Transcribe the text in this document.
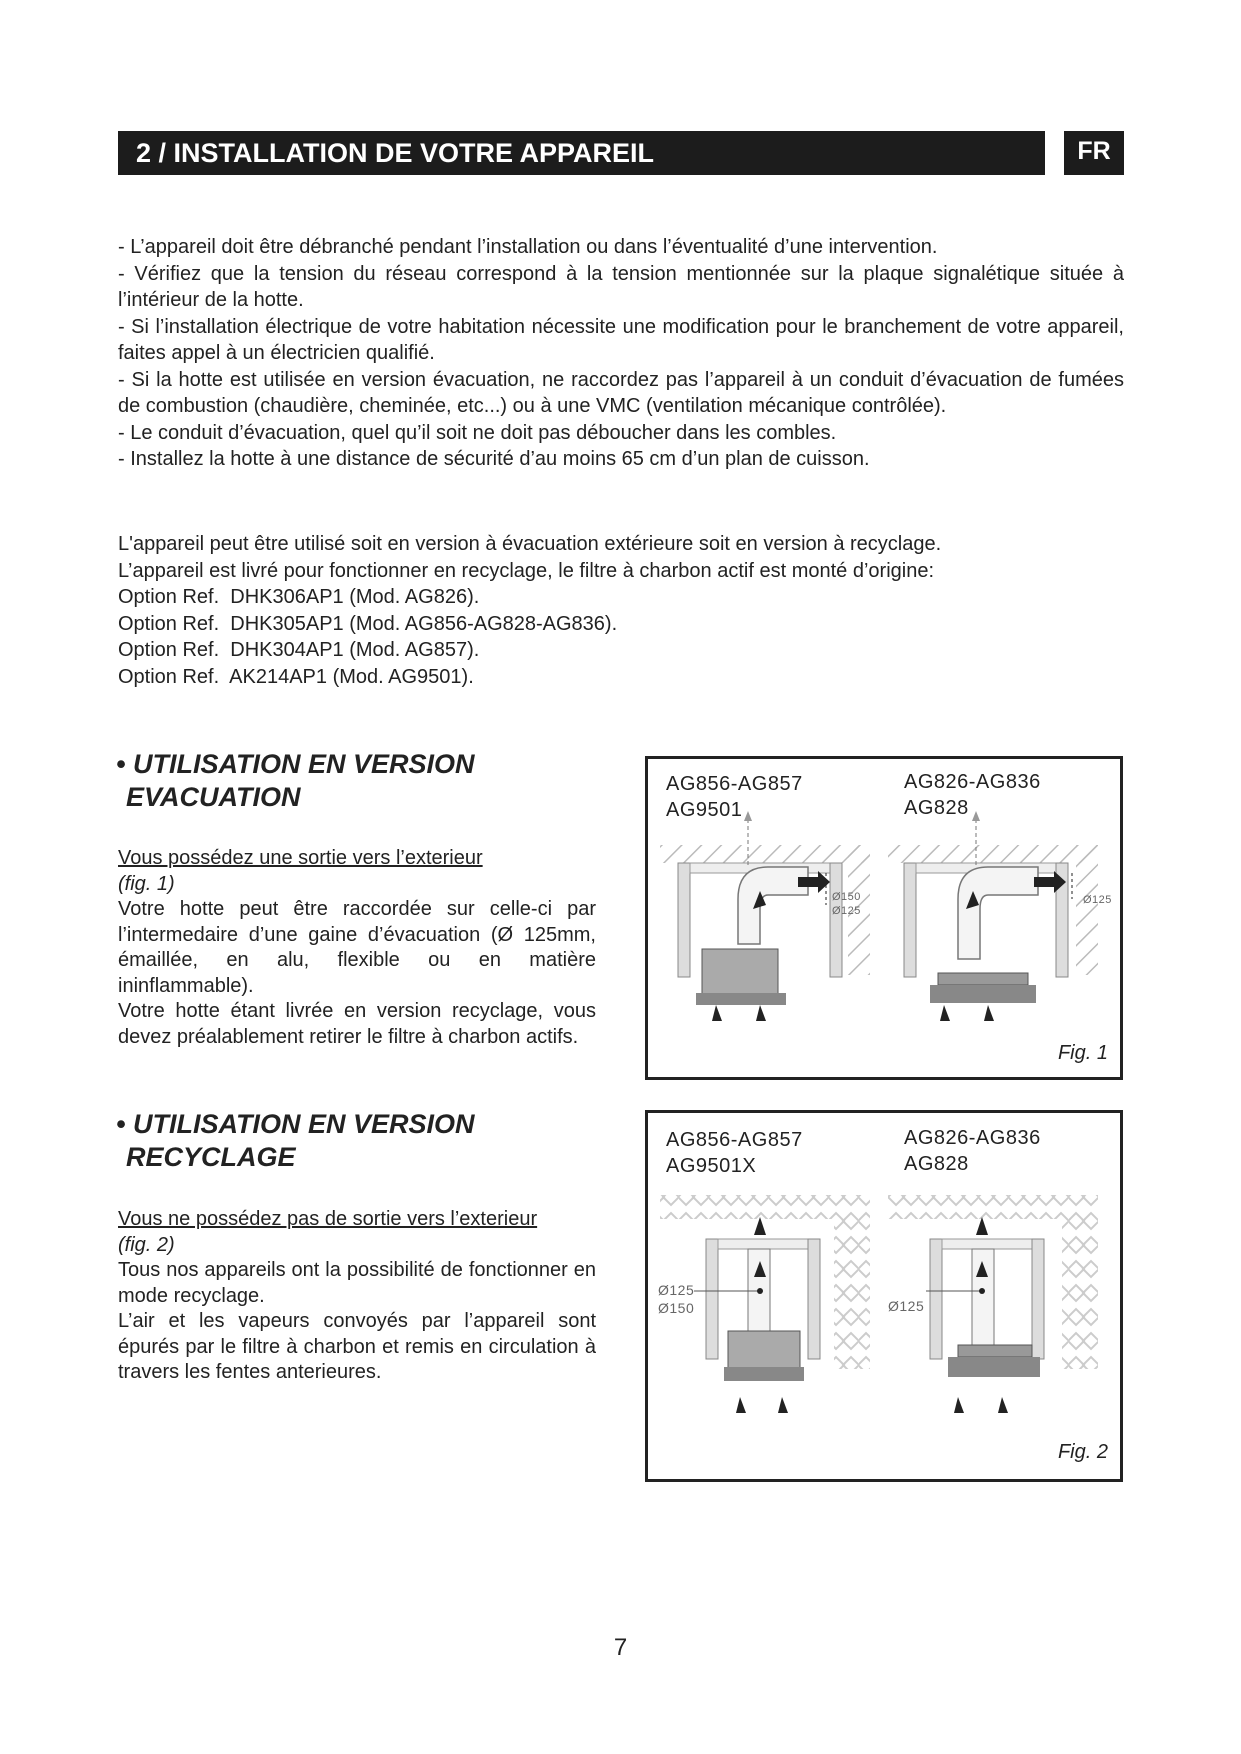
2 / INSTALLATION DE VOTRE APPAREIL	FR

- L’appareil doit être débranché pendant l’installation ou dans l’éventualité d’une intervention.

- Vérifiez que la tension du réseau correspond à la tension mentionnée sur la plaque signalétique située à l’intérieur de la hotte.

- Si l’installation électrique de votre habitation nécessite une modification pour le branchement de votre appareil, faites appel à un électricien qualifié.

- Si la hotte est utilisée en version évacuation, ne raccordez pas l’appareil à un conduit d’évacuation de fumées de combustion (chaudière, cheminée, etc...) ou à une VMC (ventilation mécanique contrôlée).

- Le conduit d’évacuation, quel qu’il soit ne doit pas déboucher dans les combles.

- Installez la hotte à une distance de sécurité d’au moins 65 cm d’un plan de cuisson.

L'appareil peut être utilisé soit en version à évacuation extérieure soit en version à recyclage.

L’appareil est livré pour fonctionner en recyclage, le filtre à charbon actif est monté d’origine:

Option Ref.  DHK306AP1 (Mod. AG826).

Option Ref.  DHK305AP1 (Mod. AG856-AG828-AG836).

Option Ref.  DHK304AP1 (Mod. AG857).

Option Ref.  AK214AP1 (Mod. AG9501).

• UTILISATION EN VERSION
EVACUATION

Vous possédez une sortie vers l’exterieur

(fig. 1)

Votre hotte peut être raccordée sur celle-ci par l’intermedaire d’une gaine d’évacuation (Ø 125mm, émaillée, en alu, flexible ou en matière ininflammable).

Votre hotte étant livrée en version recyclage, vous devez préalablement retirer le filtre à charbon actifs.

• UTILISATION EN VERSION
RECYCLAGE

Vous ne possédez pas de sortie vers l’exterieur

(fig. 2)

Tous nos appareils ont la possibilité de fonctionner en mode recyclage.

L’air et les vapeurs convoyés par l’appareil sont épurés par le filtre à charbon et remis en circulation à travers les fentes anterieures.

AG856-AG857
AG9501
AG826-AG836
AG828
Ø150
Ø125
Ø125
Fig. 1
AG856-AG857
AG9501X
AG826-AG836
AG828
Ø125
Ø150	Ø125
Fig. 2
7
